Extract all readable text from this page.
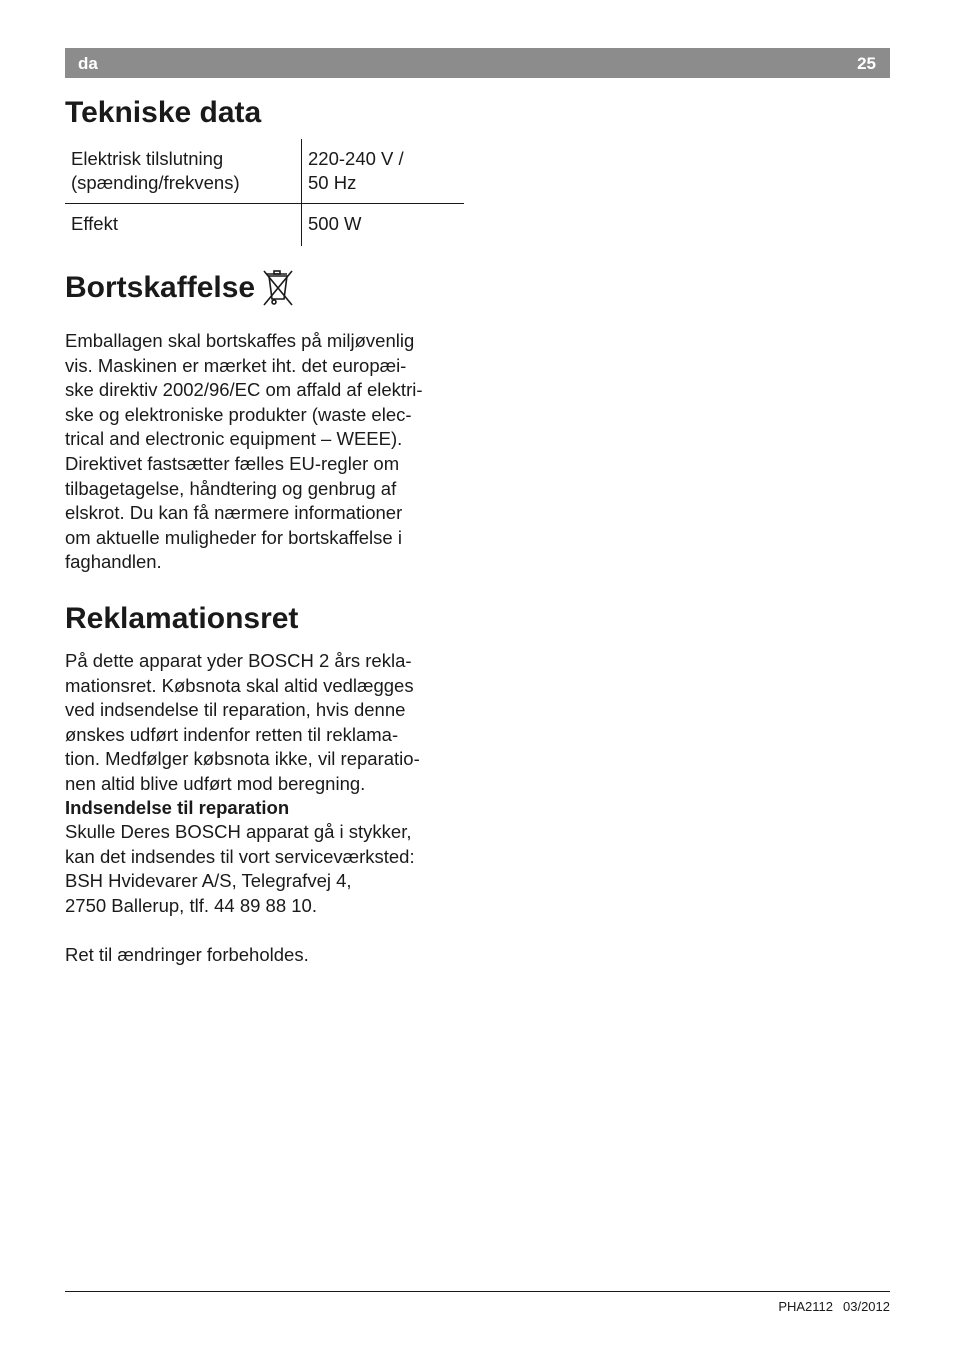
da	25
Tekniske data
Elektrisk tilslutning
(spænding/frekvens)
220-240 V /
50 Hz
Effekt	500 W
Bortskaffelse

Emballagen skal bortskaffes på miljøvenlig
vis. Maskinen er mærket iht. det europæi-
ske direktiv 2002/96/EC om affald af elektri-
ske og elektroniske produkter (waste elec-
trical and electronic equipment – WEEE).
Direktivet fastsætter fælles EU-regler om
tilbagetagelse, håndtering og genbrug af
elskrot. Du kan få nærmere informationer
om aktuelle muligheder for bortskaffelse i
faghandlen.

Reklamationsret

På dette apparat yder BOSCH 2 års rekla-
mationsret. Købsnota skal altid vedlægges
ved indsendelse til reparation, hvis denne
ønskes udført indenfor retten til reklama-
tion. Medfølger købsnota ikke, vil reparatio-
nen altid blive udført mod beregning.

Indsendelse til reparation

Skulle Deres BOSCH apparat gå i stykker,
kan det indsendes til vort serviceværksted:
BSH Hvidevarer A/S, Telegrafvej 4,
2750 Ballerup, tlf. 44 89 88 10.

Ret til ændringer forbeholdes.

PHA2112 03/2012
